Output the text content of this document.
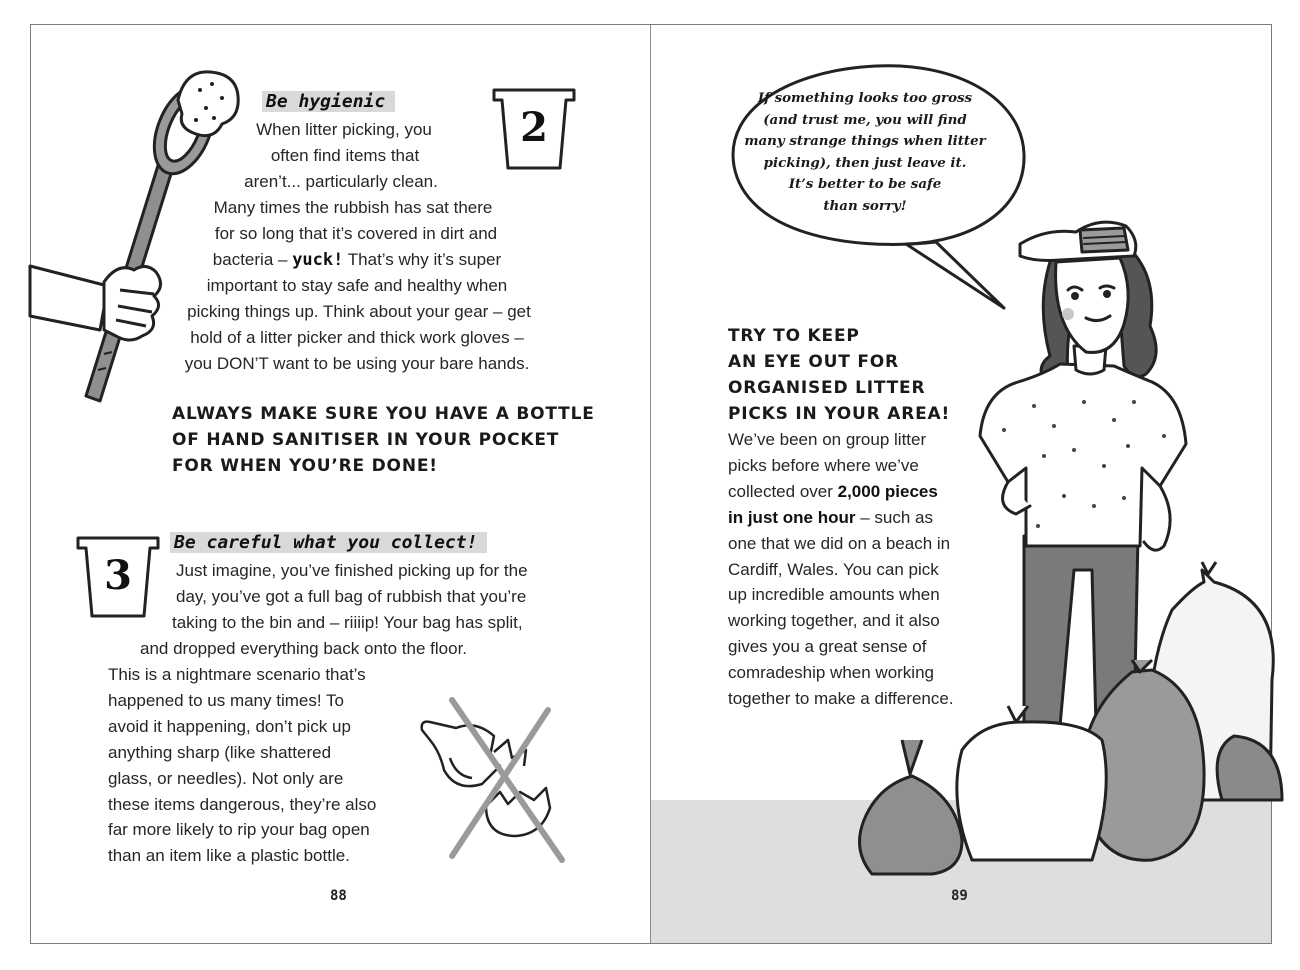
2
3
Be hygienic
When litter picking, you
often find items that
aren’t... particularly clean.
Many times the rubbish has sat there
for so long that it’s covered in dirt and
bacteria – yuck! That’s why it’s super
important to stay safe and healthy when
picking things up. Think about your gear – get
hold of a litter picker and thick work gloves –
you DON’T want to be using your bare hands.
ALWAYS MAKE SURE YOU HAVE A BOTTLE
OF HAND SANITISER IN YOUR POCKET
FOR WHEN YOU’RE DONE!
Be careful what you collect!
Just imagine, you’ve finished picking up for the
day, you’ve got a full bag of rubbish that you’re
taking to the bin and – riiiip! Your bag has split,
and dropped everything back onto the floor.
This is a nightmare scenario that’s
happened to us many times! To
avoid it happening, don’t pick up
anything sharp (like shattered
glass, or needles). Not only are
these items dangerous, they’re also
far more likely to rip your bag open
than an item like a plastic bottle.
88
If something looks too gross
(and trust me, you will find
many strange things when litter
picking), then just leave it.
It’s better to be safe
than sorry!
TRY TO KEEP
AN EYE OUT FOR
ORGANISED LITTER
PICKS IN YOUR AREA!
We’ve been on group litter
picks before where we’ve
collected over 2,000 pieces
in just one hour – such as
one that we did on a beach in
Cardiff, Wales. You can pick
up incredible amounts when
working together, and it also
gives you a great sense of
comradeship when working
together to make a difference.
89
